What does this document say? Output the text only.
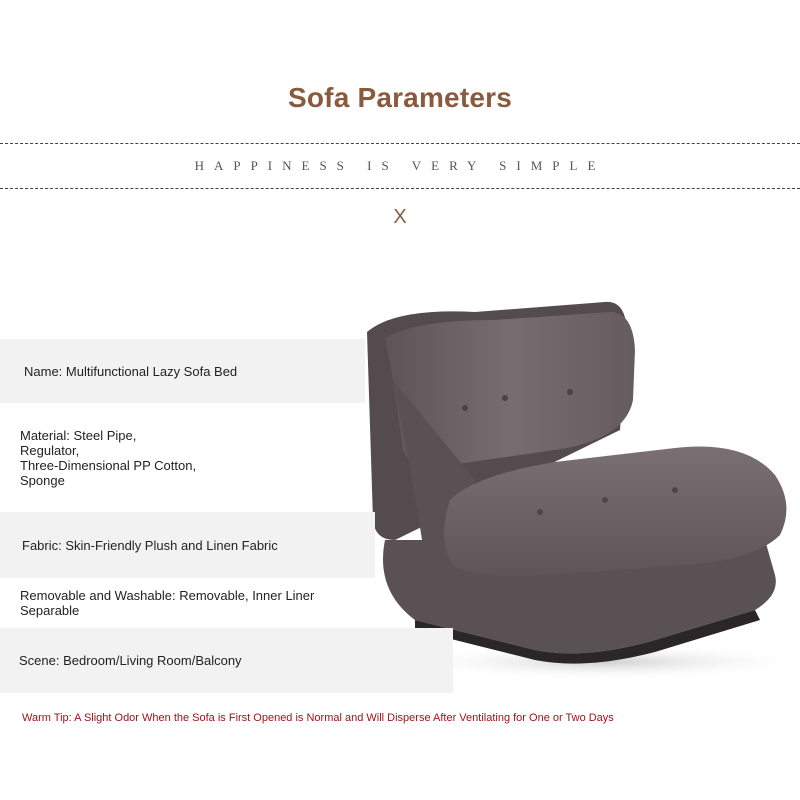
Sofa Parameters
HAPPINESS IS VERY SIMPLE
X
Name: Multifunctional Lazy Sofa Bed
Material: Steel Pipe,
Regulator,
Three-Dimensional PP Cotton,
Sponge
Fabric: Skin-Friendly Plush and Linen Fabric
Removable and Washable: Removable, Inner Liner
Separable
Scene: Bedroom/Living Room/Balcony
Warm Tip: A Slight Odor When the Sofa is First Opened is Normal and Will Disperse After Ventilating for One or Two Days
